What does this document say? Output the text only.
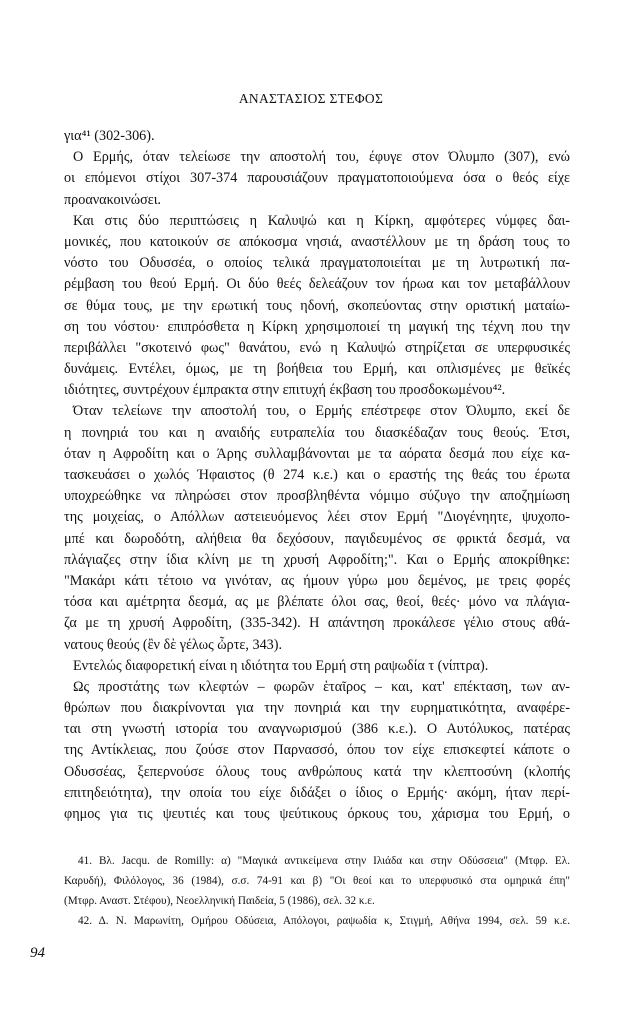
ΑΝΑΣΤΑΣΙΟΣ ΣΤΕΦΟΣ
για⁴¹ (302-306).
Ο Ερμής, όταν τελείωσε την αποστολή του, έφυγε στον Όλυμπο (307), ενώ
οι επόμενοι στίχοι 307-374 παρουσιάζουν πραγματοποιούμενα όσα ο θεός είχε
προανακοινώσει.
Και στις δύο περιπτώσεις η Καλυψώ και η Κίρκη, αμφότερες νύμφες δαι-
μονικές, που κατοικούν σε απόκοσμα νησιά, αναστέλλουν με τη δράση τους το
νόστο του Οδυσσέα, ο οποίος τελικά πραγματοποιείται με τη λυτρωτική πα-
ρέμβαση του θεού Ερμή. Οι δύο θεές δελεάζουν τον ήρωα και τον μεταβάλλουν
σε θύμα τους, με την ερωτική τους ηδονή, σκοπεύοντας στην οριστική ματαίω-
ση του νόστου· επιπρόσθετα η Κίρκη χρησιμοποιεί τη μαγική της τέχνη που την
περιβάλλει "σκοτεινό φως" θανάτου, ενώ η Καλυψώ στηρίζεται σε υπερφυσικές
δυνάμεις. Εντέλει, όμως, με τη βοήθεια του Ερμή, και οπλισμένες με θεϊκές
ιδιότητες, συντρέχουν έμπρακτα στην επιτυχή έκβαση του προσδοκωμένου⁴².
Όταν τελείωνε την αποστολή του, ο Ερμής επέστρεφε στον Όλυμπο, εκεί δε
η πονηριά του και η αναιδής ευτραπελία του διασκέδαζαν τους θεούς. Έτσι,
όταν η Αφροδίτη και ο Άρης συλλαμβάνονται με τα αόρατα δεσμά που είχε κα-
τασκευάσει ο χωλός Ήφαιστος (θ 274 κ.ε.) και ο εραστής της θεάς του έρωτα
υποχρεώθηκε να πληρώσει στον προσβληθέντα νόμιμο σύζυγο την αποζημίωση
της μοιχείας, ο Απόλλων αστειευόμενος λέει στον Ερμή "Διογένηητε, ψυχοπο-
μπέ και δωροδότη, αλήθεια θα δεχόσουν, παγιδευμένος σε φρικτά δεσμά, να
πλάγιαζες στην ίδια κλίνη με τη χρυσή Αφροδίτη;". Και ο Ερμής αποκρίθηκε:
"Μακάρι κάτι τέτοιο να γινόταν, ας ήμουν γύρω μου δεμένος, με τρεις φορές
τόσα και αμέτρητα δεσμά, ας με βλέπατε όλοι σας, θεοί, θεές· μόνο να πλάγια-
ζα με τη χρυσή Αφροδίτη, (335-342). Η απάντηση προκάλεσε γέλιο στους αθά-
νατους θεούς (ἒν δὲ γέλως ὦρτε, 343).
Εντελώς διαφορετική είναι η ιδιότητα του Ερμή στη ραψωδία τ (νίπτρα).
Ως προστάτης των κλεφτών – φωρῶν ἑταῖρος – και, κατ' επέκταση, των αν-
θρώπων που διακρίνονται για την πονηριά και την ευρηματικότητα, αναφέρε-
ται στη γνωστή ιστορία του αναγνωρισμού (386 κ.ε.). Ο Αυτόλυκος, πατέρας
της Αντίκλειας, που ζούσε στον Παρνασσό, όπου τον είχε επισκεφτεί κάποτε ο
Οδυσσέας, ξεπερνούσε όλους τους ανθρώπους κατά την κλεπτοσύνη (κλοπής
επιτηδειότητα), την οποία του είχε διδάξει ο ίδιος ο Ερμής· ακόμη, ήταν περί-
φημος για τις ψευτιές και τους ψεύτικους όρκους του, χάρισμα του Ερμή, ο
41. Βλ. Jacqu. de Romilly: α) "Μαγικά αντικείμενα στην Ιλιάδα και στην Οδύσσεια" (Μτφρ. Ελ.
Καρυδή), Φιλόλογος, 36 (1984), σ.σ. 74-91 και β) "Οι θεοί και το υπερφυσικό στα ομηρικά έπη"
(Μτφρ. Αναστ. Στέφου), Νεοελληνική Παιδεία, 5 (1986), σελ. 32 κ.ε.
42. Δ. Ν. Μαρωνίτη, Ομήρου Οδύσεια, Απόλογοι, ραψωδία κ, Στιγμή, Αθήνα 1994, σελ. 59 κ.ε.
94
